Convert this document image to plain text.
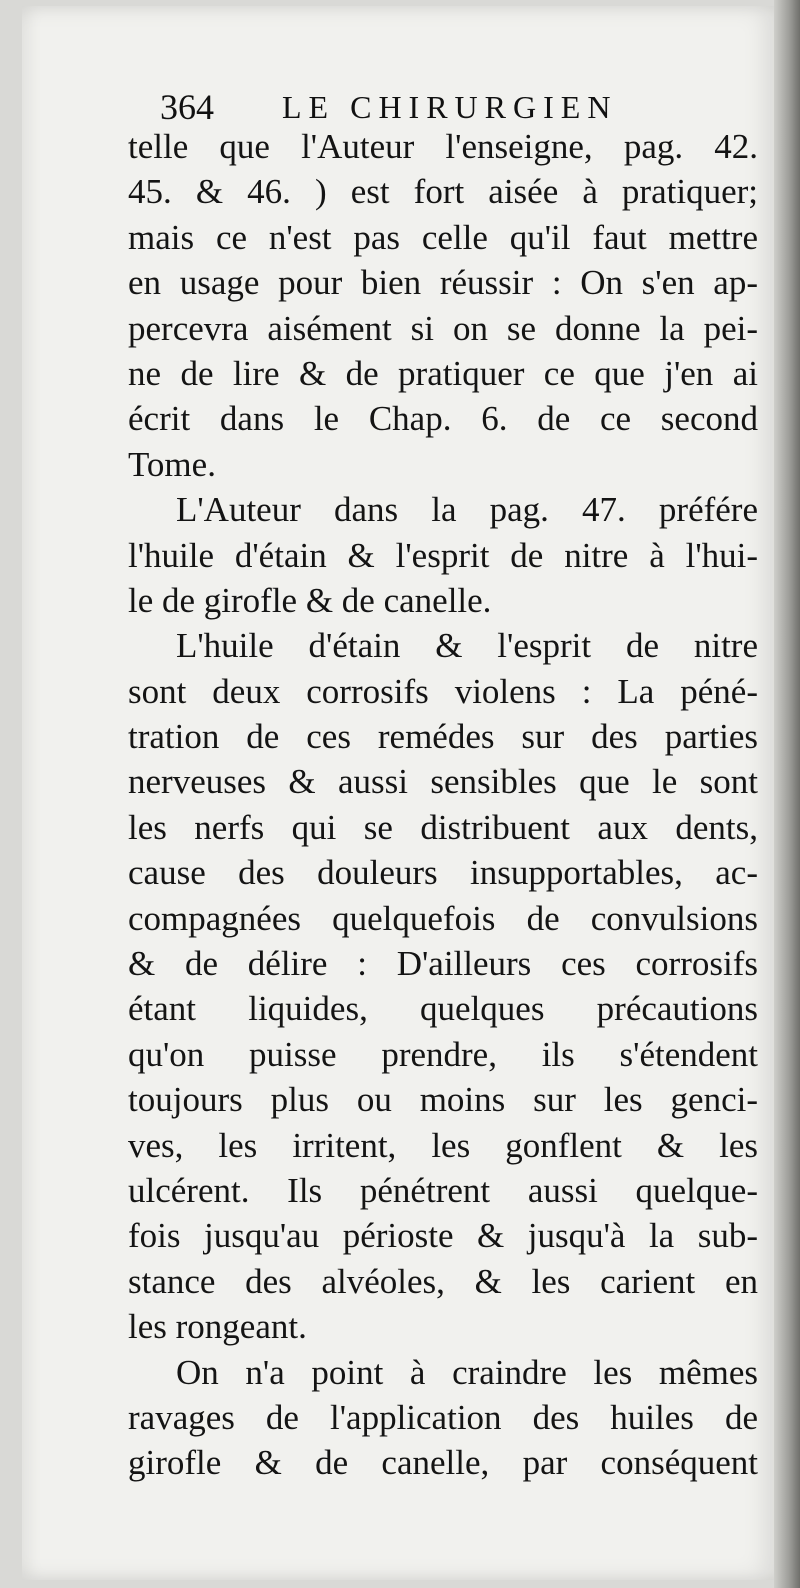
364 LE CHIRURGIEN
telle que l'Auteur l'enseigne, pag. 42.
45. & 46. ) est fort aisée à pratiquer;
mais ce n'est pas celle qu'il faut mettre
en usage pour bien réussir : On s'en ap-
percevra aisément si on se donne la pei-
ne de lire & de pratiquer ce que j'en ai
écrit dans le Chap. 6. de ce second
Tome.
L'Auteur dans la pag. 47. préfére
l'huile d'étain & l'esprit de nitre à l'hui-
le de girofle & de canelle.
L'huile d'étain & l'esprit de nitre
sont deux corrosifs violens : La péné-
tration de ces remédes sur des parties
nerveuses & aussi sensibles que le sont
les nerfs qui se distribuent aux dents,
cause des douleurs insupportables, ac-
compagnées quelquefois de convulsions
& de délire : D'ailleurs ces corrosifs
étant liquides, quelques précautions
qu'on puisse prendre, ils s'étendent
toujours plus ou moins sur les genci-
ves, les irritent, les gonflent & les
ulcérent. Ils pénétrent aussi quelque-
fois jusqu'au périoste & jusqu'à la sub-
stance des alvéoles, & les carient en
les rongeant.
On n'a point à craindre les mêmes
ravages de l'application des huiles de
girofle & de canelle, par conséquent
